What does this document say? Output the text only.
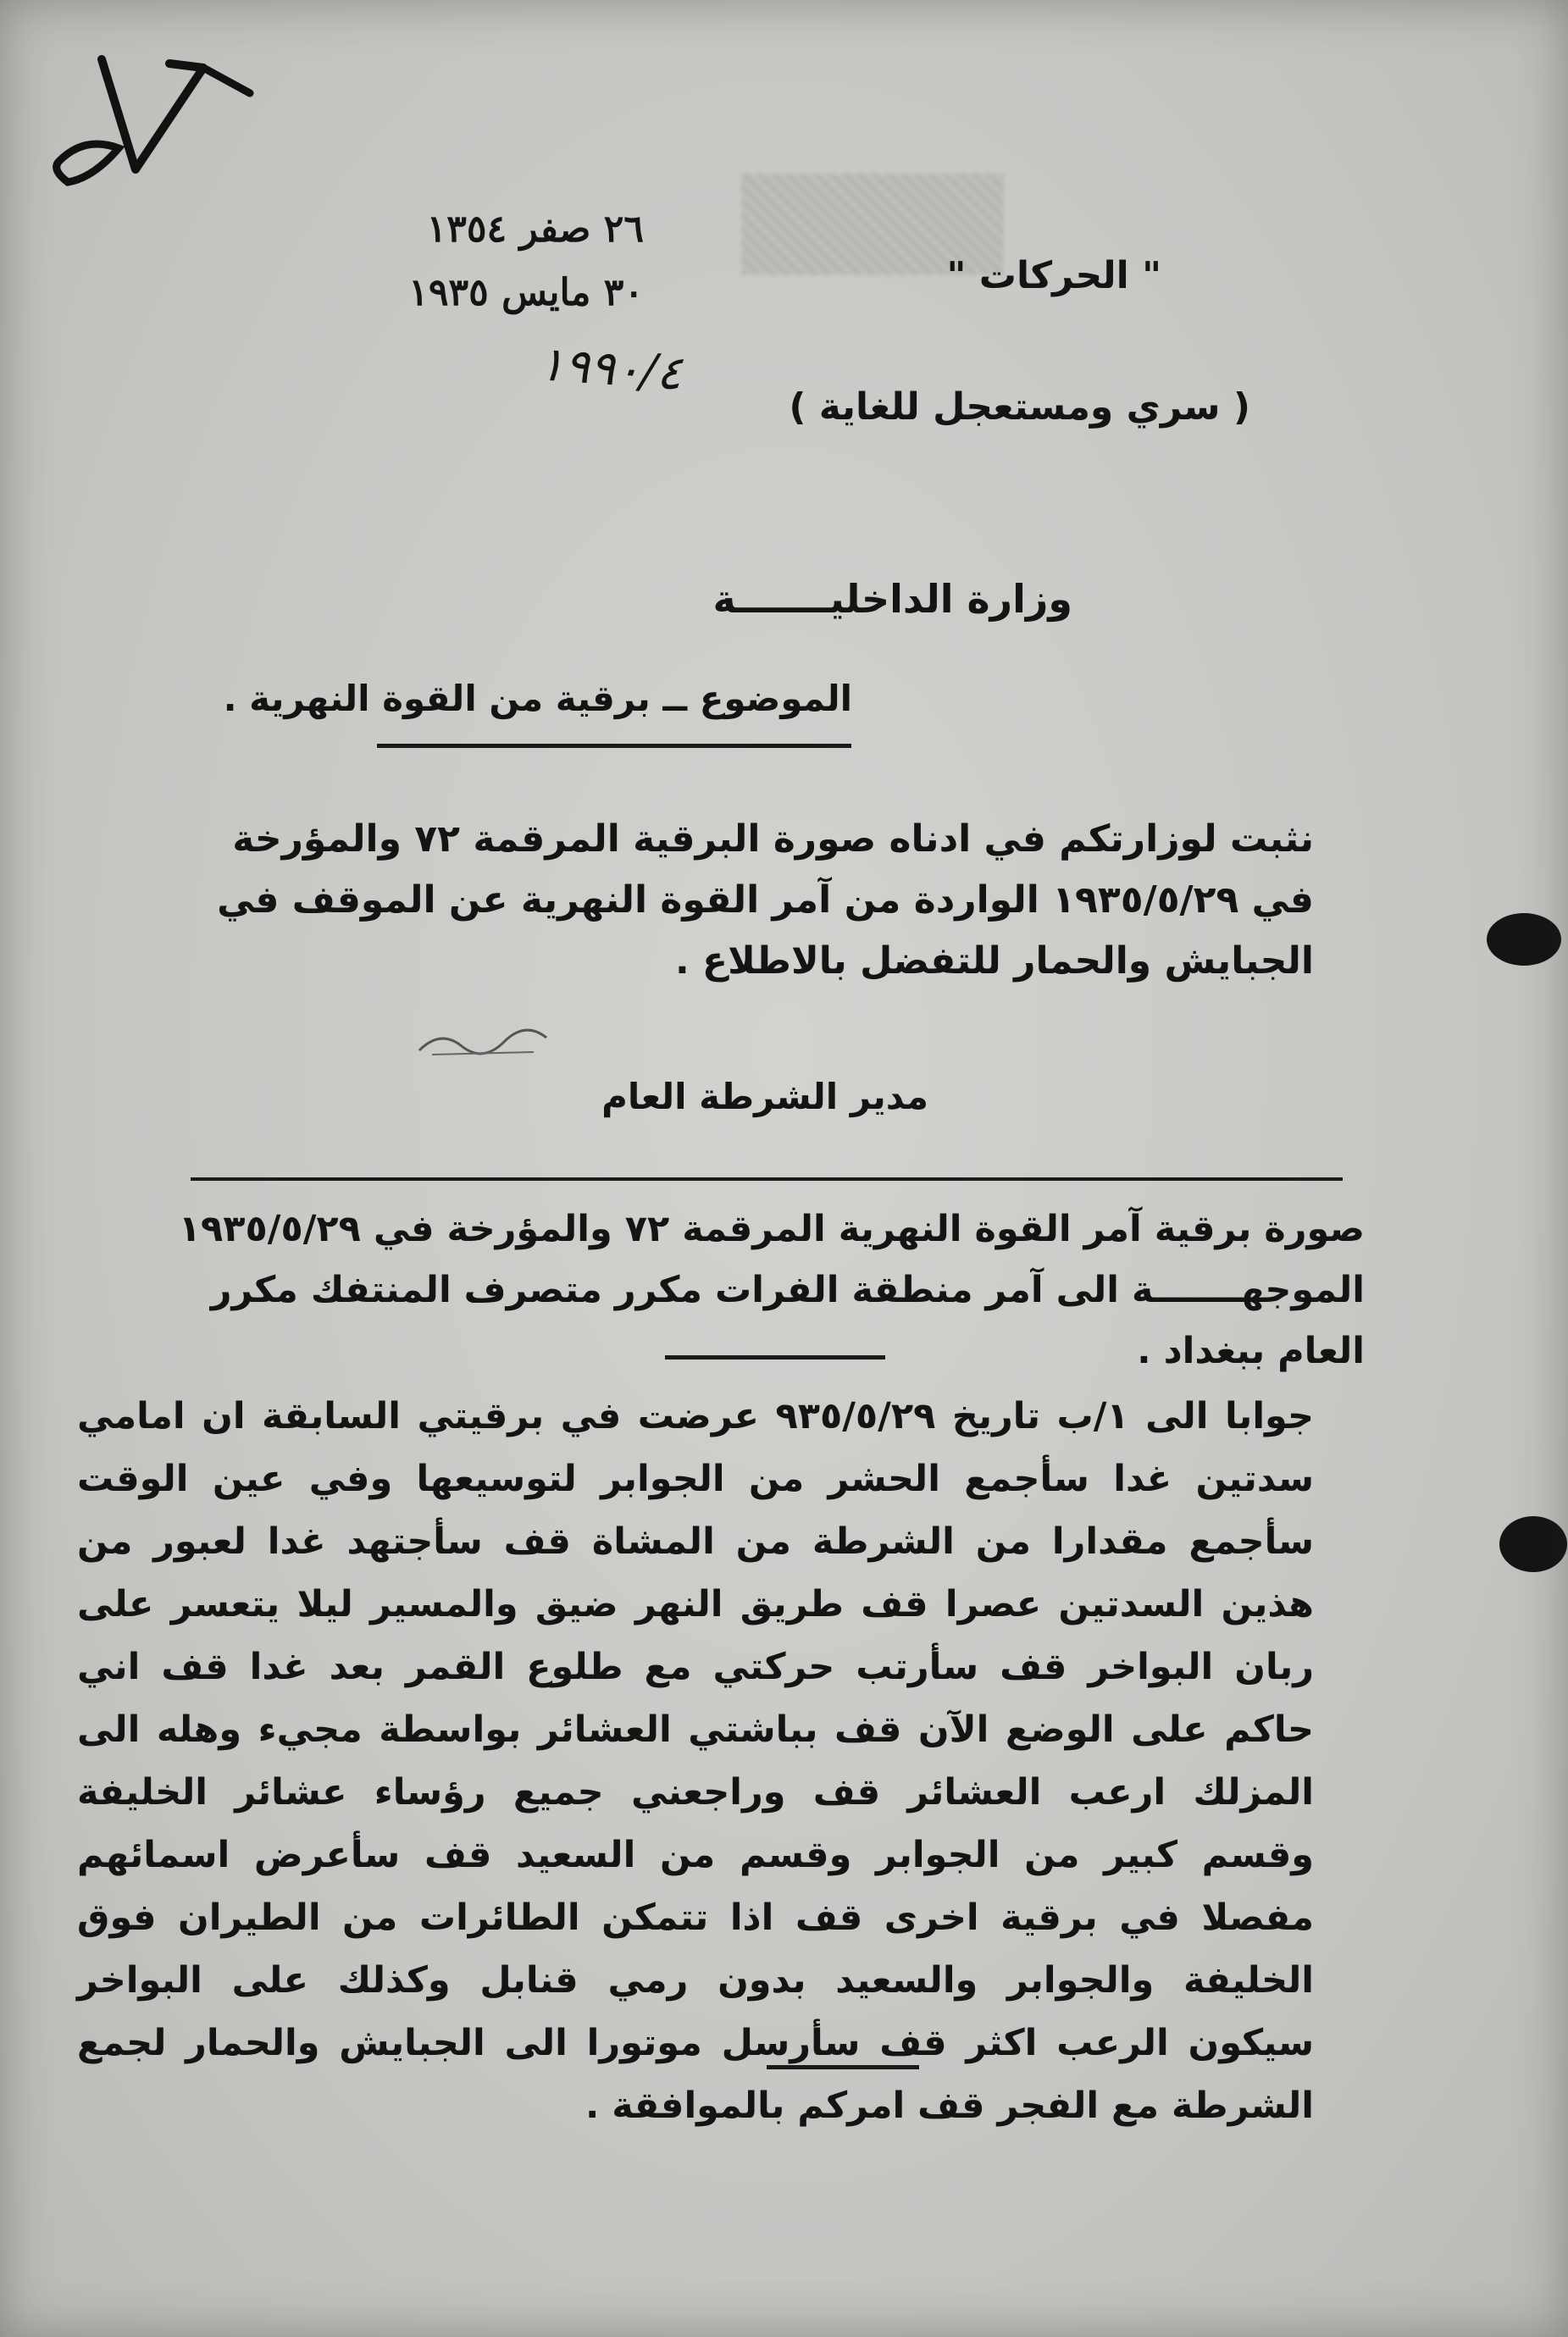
٢٦ صفر ١٣٥٤
٣٠ مايس ١٩٣٥
١٩٩٠/٤
" الحركات "
( سري ومستعجل للغاية )
وزارة الداخليـــــــة
الموضوع ــ برقية من القوة النهرية .
نثبت لوزارتكم في ادناه صورة البرقية المرقمة ٧٢ والمؤرخة في ١٩٣٥/٥/٢٩ الواردة من آمر القوة النهرية عن الموقف في الجبايش والحمار للتفضل بالاطلاع .
مدير الشرطة العام
صورة برقية آمر القوة النهرية المرقمة ٧٢ والمؤرخة في ١٩٣٥/٥/٢٩ الموجهـــــــة الى آمر منطقة الفرات مكرر متصرف المنتفك مكرر العام ببغداد .
جوابا الى ١/ب تاريخ ٩٣٥/٥/٢٩ عرضت في برقيتي السابقة ان امامي سدتين غدا سأجمع الحشر من الجوابر لتوسيعها وفي عين الوقت سأجمع مقدارا من الشرطة من المشاة قف سأجتهد غدا لعبور من هذين السدتين عصرا قف طريق النهر ضيق والمسير ليلا يتعسر على ربان البواخر قف سأرتب حركتي مع طلوع القمر بعد غدا قف اني حاكم على الوضع الآن قف بباشتي العشائر بواسطة مجيء وهله الى المزلك ارعب العشائر قف وراجعني جميع رؤساء عشائر الخليفة وقسم كبير من الجوابر وقسم من السعيد قف سأعرض اسمائهم مفصلا في برقية اخرى قف اذا تتمكن الطائرات من الطيران فوق الخليفة والجوابر والسعيد بدون رمي قنابل وكذلك على البواخر سيكون الرعب اكثر قف سأرسل موتورا الى الجبايش والحمار لجمع الشرطة مع الفجر قف امركم بالموافقة .
